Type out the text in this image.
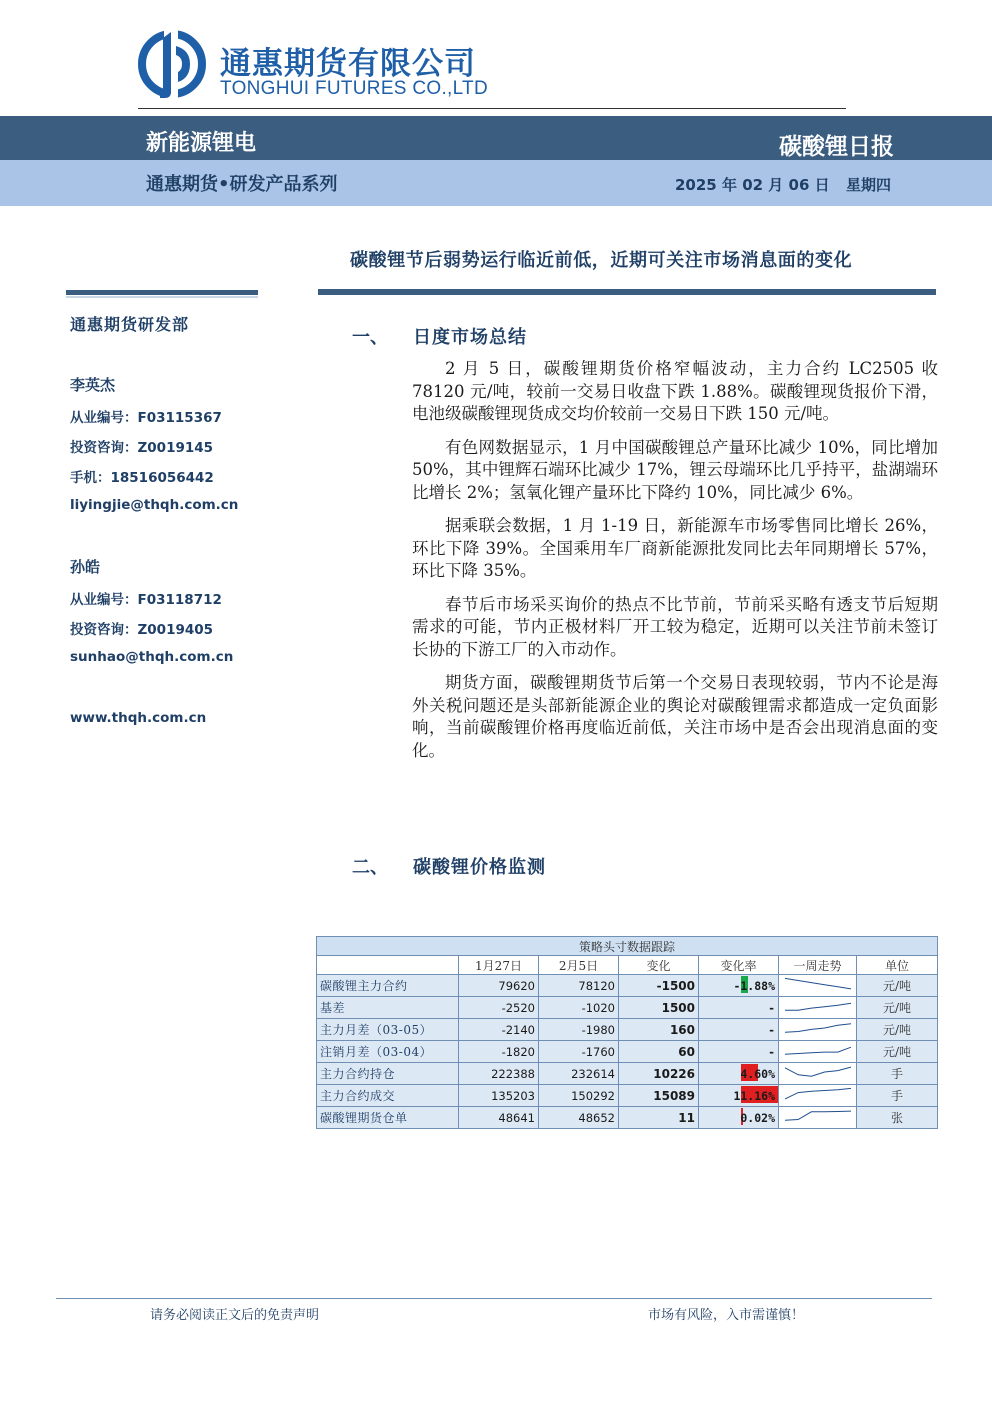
通惠期货有限公司
TONGHUI FUTURES CO.,LTD
新能源锂电	碳酸锂日报
通惠期货•研发产品系列	2025 年 02 月 06 日 星期四
碳酸锂节后弱势运行临近前低，近期可关注市场消息面的变化
通惠期货研发部
李英杰
从业编号：F03115367
投资咨询：Z0019145
手机：18516056442
liyingjie@thqh.com.cn
孙皓
从业编号：F03118712
投资咨询：Z0019405
sunhao@thqh.com.cn
www.thqh.com.cn
一、 日度市场总结

2 月 5 日，碳酸锂期货价格窄幅波动，主力合约 LC2505 收 78120 元/吨，较前一交易日收盘下跌 1.88%。碳酸锂现货报价下滑，电池级碳酸锂现货成交均价较前一交易日下跌 150 元/吨。

有色网数据显示，1 月中国碳酸锂总产量环比减少 10%，同比增加 50%，其中锂辉石端环比减少 17%，锂云母端环比几乎持平，盐湖端环比增长 2%；氢氧化锂产量环比下降约 10%，同比减少 6%。

据乘联会数据，1 月 1-19 日，新能源车市场零售同比增长 26%，环比下降 39%。全国乘用车厂商新能源批发同比去年同期增长 57%，环比下降 35%。

春节后市场采买询价的热点不比节前，节前采买略有透支节后短期需求的可能，节内正极材料厂开工较为稳定，近期可以关注节前未签订长协的下游工厂的入市动作。

期货方面，碳酸锂期货节后第一个交易日表现较弱，节内不论是海外关税问题还是头部新能源企业的舆论对碳酸锂需求都造成一定负面影响，当前碳酸锂价格再度临近前低，关注市场中是否会出现消息面的变化。

二、 碳酸锂价格监测
策略头寸数据跟踪						
	1月27日	2月5日	变化	变化率	一周走势	单位
碳酸锂主力合约	79620	78120	-1500	-1.88%		元/吨
基差	-2520	-1020	1500	-		元/吨
主力月差（03-05）	-2140	-1980	160	-		元/吨
注销月差（03-04）	-1820	-1760	60	-		元/吨
主力合约持仓	222388	232614	10226	4.60%		手
主力合约成交	135203	150292	15089	11.16%		手
碳酸锂期货仓单	48641	48652	11	0.02%		张
请务必阅读正文后的免责声明	市场有风险，入市需谨慎！
